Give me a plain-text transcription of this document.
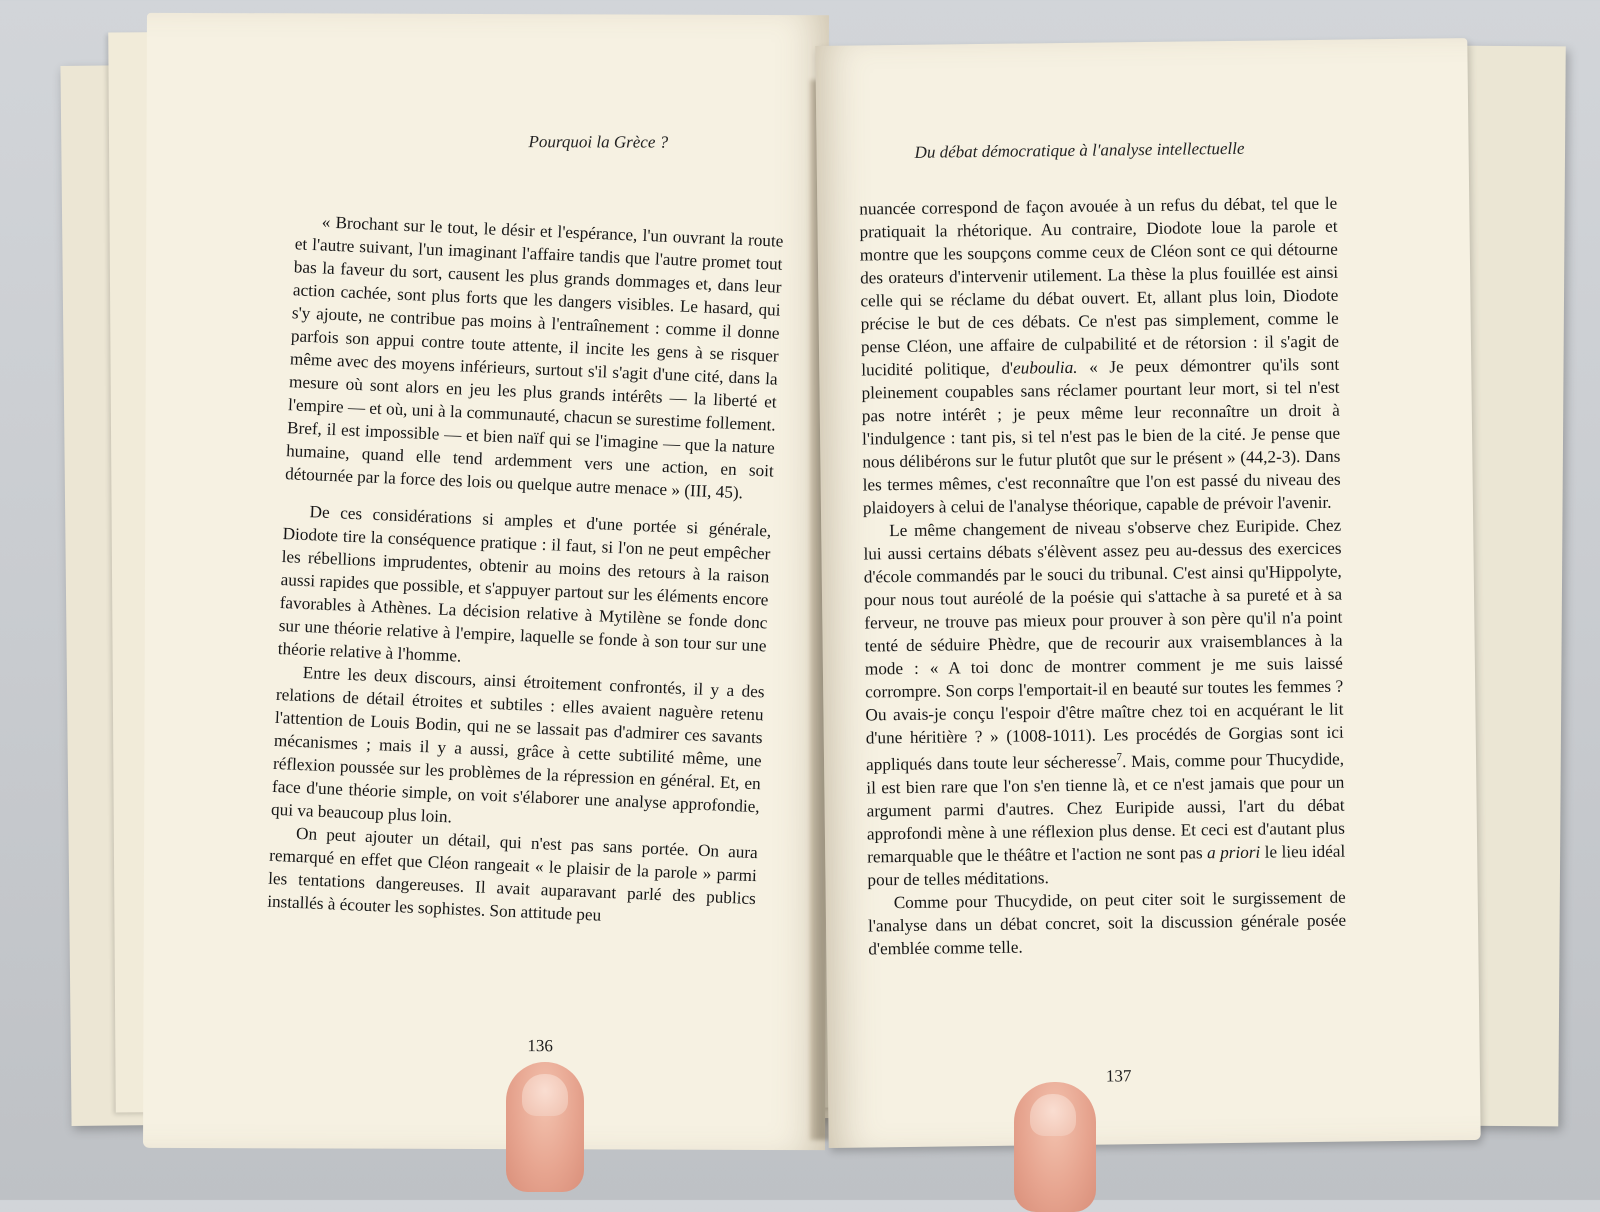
Pourquoi la Grèce ?

« Brochant sur le tout, le désir et l'espérance, l'un ouvrant la route et l'autre suivant, l'un imaginant l'affaire tandis que l'autre promet tout bas la faveur du sort, causent les plus grands dommages et, dans leur action cachée, sont plus forts que les dangers visibles. Le hasard, qui s'y ajoute, ne contribue pas moins à l'entraînement : comme il donne parfois son appui contre toute attente, il incite les gens à se risquer même avec des moyens inférieurs, surtout s'il s'agit d'une cité, dans la mesure où sont alors en jeu les plus grands intérêts — la liberté et l'empire — et où, uni à la communauté, chacun se surestime follement. Bref, il est impossible — et bien naïf qui se l'imagine — que la nature humaine, quand elle tend ardemment vers une action, en soit détournée par la force des lois ou quelque autre menace » (III, 45).

De ces considérations si amples et d'une portée si générale, Diodote tire la conséquence pratique : il faut, si l'on ne peut empêcher les rébellions imprudentes, obtenir au moins des retours à la raison aussi rapides que possible, et s'appuyer partout sur les éléments encore favorables à Athènes. La décision relative à Mytilène se fonde donc sur une théorie relative à l'empire, laquelle se fonde à son tour sur une théorie relative à l'homme.

Entre les deux discours, ainsi étroitement confrontés, il y a des relations de détail étroites et subtiles : elles avaient naguère retenu l'attention de Louis Bodin, qui ne se lassait pas d'admirer ces savants mécanismes ; mais il y a aussi, grâce à cette subtilité même, une réflexion poussée sur les problèmes de la répression en général. Et, en face d'une théorie simple, on voit s'élaborer une analyse approfondie, qui va beaucoup plus loin.

On peut ajouter un détail, qui n'est pas sans portée. On aura remarqué en effet que Cléon rangeait « le plaisir de la parole » parmi les tentations dangereuses. Il avait auparavant parlé des publics installés à écouter les sophistes. Son attitude peu

136
Du débat démocratique à l'analyse intellectuelle

nuancée correspond de façon avouée à un refus du débat, tel que le pratiquait la rhétorique. Au contraire, Diodote loue la parole et montre que les soupçons comme ceux de Cléon sont ce qui détourne des orateurs d'intervenir utilement. La thèse la plus fouillée est ainsi celle qui se réclame du débat ouvert. Et, allant plus loin, Diodote précise le but de ces débats. Ce n'est pas simplement, comme le pense Cléon, une affaire de culpabilité et de rétorsion : il s'agit de lucidité politique, d'euboulia. « Je peux démontrer qu'ils sont pleinement coupables sans réclamer pourtant leur mort, si tel n'est pas notre intérêt ; je peux même leur reconnaître un droit à l'indulgence : tant pis, si tel n'est pas le bien de la cité. Je pense que nous délibérons sur le futur plutôt que sur le présent » (44,2-3). Dans les termes mêmes, c'est reconnaître que l'on est passé du niveau des plaidoyers à celui de l'analyse théorique, capable de prévoir l'avenir.

Le même changement de niveau s'observe chez Euripide. Chez lui aussi certains débats s'élèvent assez peu au-dessus des exercices d'école commandés par le souci du tribunal. C'est ainsi qu'Hippolyte, pour nous tout auréolé de la poésie qui s'attache à sa pureté et à sa ferveur, ne trouve pas mieux pour prouver à son père qu'il n'a point tenté de séduire Phèdre, que de recourir aux vraisemblances à la mode : « A toi donc de montrer comment je me suis laissé corrompre. Son corps l'emportait-il en beauté sur toutes les femmes ? Ou avais-je conçu l'espoir d'être maître chez toi en acquérant le lit d'une héritière ? » (1008-1011). Les procédés de Gorgias sont ici appliqués dans toute leur sécheresse$^7$. Mais, comme pour Thucydide, il est bien rare que l'on s'en tienne là, et ce n'est jamais que pour un argument parmi d'autres. Chez Euripide aussi, l'art du débat approfondi mène à une réflexion plus dense. Et ceci est d'autant plus remarquable que le théâtre et l'action ne sont pas a priori le lieu idéal pour de telles méditations.

Comme pour Thucydide, on peut citer soit le surgissement de l'analyse dans un débat concret, soit la discussion générale posée d'emblée comme telle.

137
